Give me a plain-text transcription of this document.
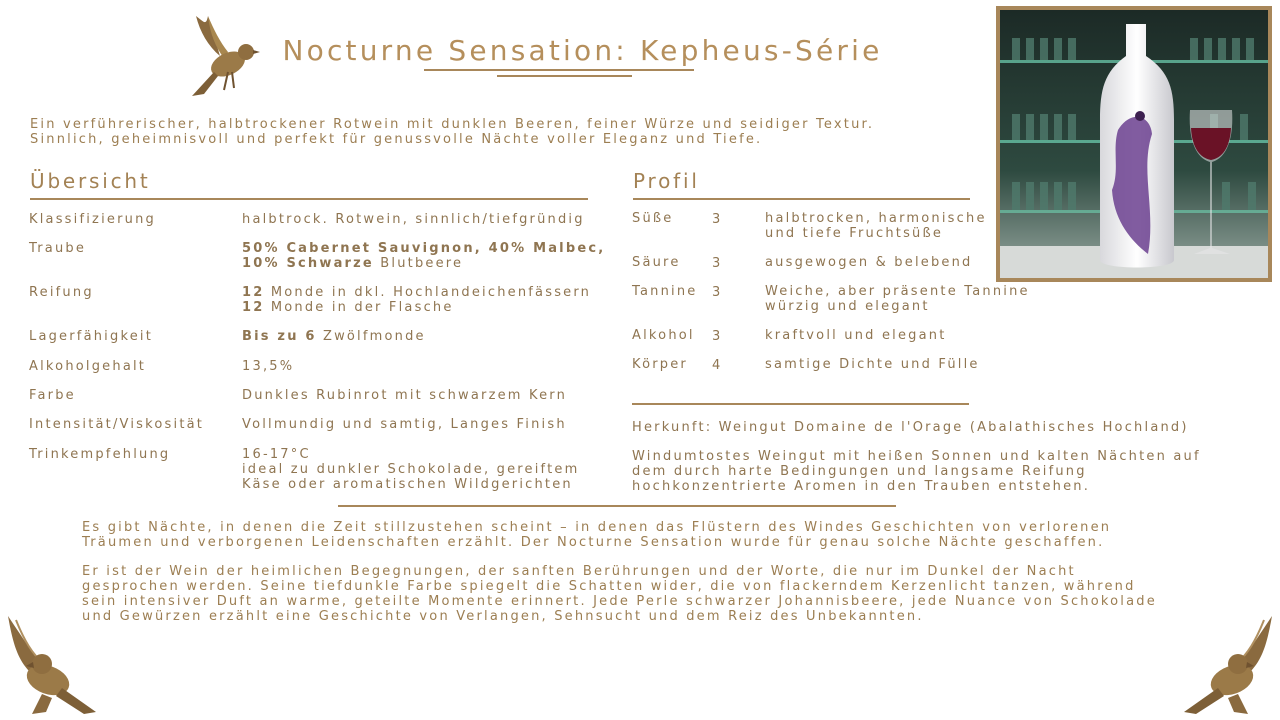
Nocturne Sensation: Kepheus-Série
Ein verführerischer, halbtrockener Rotwein mit dunklen Beeren, feiner Würze und seidiger Textur.
Sinnlich, geheimnisvoll und perfekt für genussvolle Nächte voller Eleganz und Tiefe.
Übersicht
Klassifizierung	halbtrock. Rotwein, sinnlich/tiefgründig
Traube	50% Cabernet Sauvignon, 40% Malbec,
10% Schwarze Blutbeere
Reifung	12 Monde in dkl. Hochlandeichenfässern
12 Monde in der Flasche
Lagerfähigkeit	Bis zu 6 Zwölfmonde
Alkoholgehalt	13,5%
Farbe	Dunkles Rubinrot mit schwarzem Kern
Intensität/Viskosität	Vollmundig und samtig, Langes Finish
Trinkempfehlung	16-17°C
ideal zu dunkler Schokolade, gereiftem
Käse oder aromatischen Wildgerichten
Profil
Süße	3	halbtrocken, harmonische
und tiefe Fruchtsüße
Säure 3	ausgewogen & belebend
Tannine 3	Weiche, aber präsente Tannine
würzig und elegant
Alkohol 3	kraftvoll und elegant
Körper 4	samtige Dichte und Fülle
Herkunft: Weingut Domaine de l'Orage (Abalathisches Hochland)
Windumtostes Weingut mit heißen Sonnen und kalten Nächten auf
dem durch harte Bedingungen und langsame Reifung
hochkonzentrierte Aromen in den Trauben entstehen.
Es gibt Nächte, in denen die Zeit stillzustehen scheint – in denen das Flüstern des Windes Geschichten von verlorenen
Träumen und verborgenen Leidenschaften erzählt. Der Nocturne Sensation wurde für genau solche Nächte geschaffen.
Er ist der Wein der heimlichen Begegnungen, der sanften Berührungen und der Worte, die nur im Dunkel der Nacht
gesprochen werden. Seine tiefdunkle Farbe spiegelt die Schatten wider, die von flackerndem Kerzenlicht tanzen, während
sein intensiver Duft an warme, geteilte Momente erinnert. Jede Perle schwarzer Johannisbeere, jede Nuance von Schokolade
und Gewürzen erzählt eine Geschichte von Verlangen, Sehnsucht und dem Reiz des Unbekannten.
